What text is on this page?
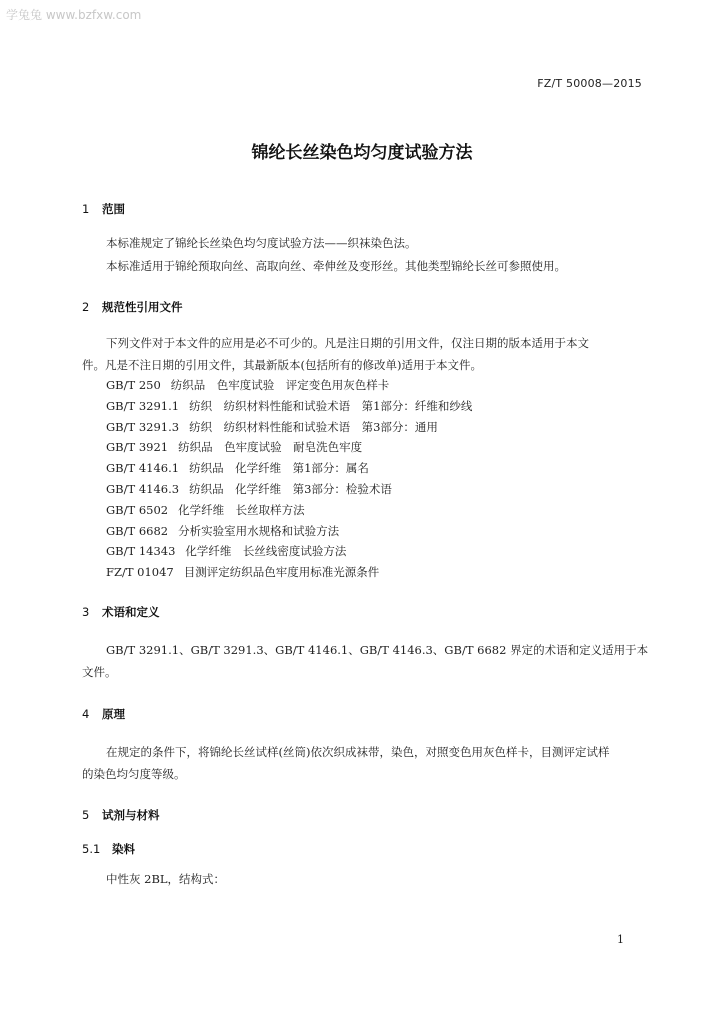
学兔兔 www.bzfxw.com
FZ/T 50008—2015
锦纶长丝染色均匀度试验方法
1 范围
本标准规定了锦纶长丝染色均匀度试验方法——织袜染色法。
本标准适用于锦纶预取向丝、高取向丝、牵伸丝及变形丝。其他类型锦纶长丝可参照使用。
2 规范性引用文件
下列文件对于本文件的应用是必不可少的。凡是注日期的引用文件，仅注日期的版本适用于本文
件。凡是不注日期的引用文件，其最新版本(包括所有的修改单)适用于本文件。
GB/T 250 纺织品　色牢度试验　评定变色用灰色样卡
GB/T 3291.1 纺织　纺织材料性能和试验术语　第1部分：纤维和纱线
GB/T 3291.3 纺织　纺织材料性能和试验术语　第3部分：通用
GB/T 3921 纺织品　色牢度试验　耐皂洗色牢度
GB/T 4146.1 纺织品　化学纤维　第1部分：属名
GB/T 4146.3 纺织品　化学纤维　第3部分：检验术语
GB/T 6502 化学纤维　长丝取样方法
GB/T 6682 分析实验室用水规格和试验方法
GB/T 14343 化学纤维　长丝线密度试验方法
FZ/T 01047 目测评定纺织品色牢度用标准光源条件
3 术语和定义
GB/T 3291.1、GB/T 3291.3、GB/T 4146.1、GB/T 4146.3、GB/T 6682 界定的术语和定义适用于本
文件。
4 原理
在规定的条件下，将锦纶长丝试样(丝筒)依次织成袜带，染色，对照变色用灰色样卡，目测评定试样
的染色均匀度等级。
5 试剂与材料
5.1 染料
中性灰 2BL，结构式：
1
